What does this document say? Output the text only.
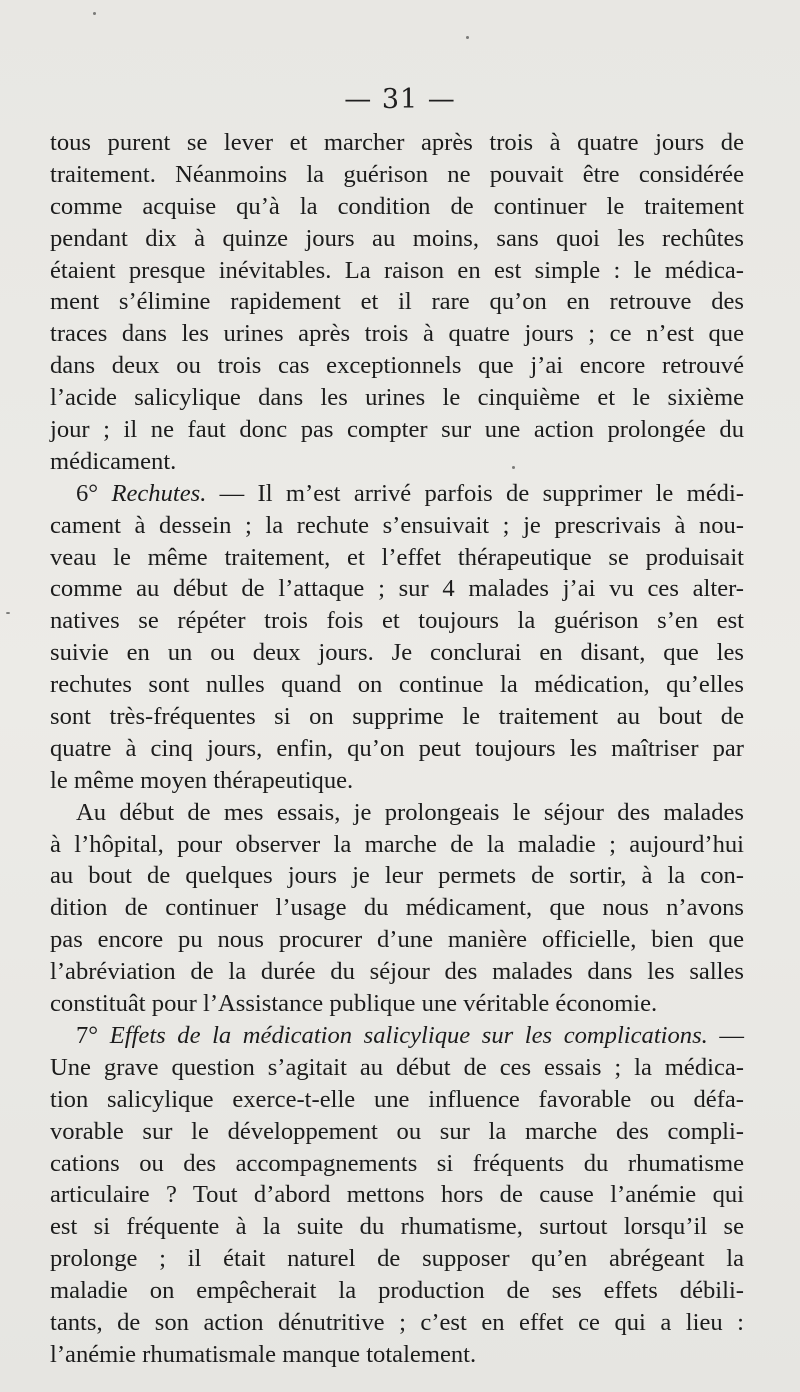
— 31 —
tous purent se lever et marcher après trois à quatre jours de
traitement. Néanmoins la guérison ne pouvait être considérée
comme acquise qu’à la condition de continuer le traitement
pendant dix à quinze jours au moins, sans quoi les rechûtes
étaient presque inévitables. La raison en est simple : le médica-
ment s’élimine rapidement et il rare qu’on en retrouve des
traces dans les urines après trois à quatre jours ; ce n’est que
dans deux ou trois cas exceptionnels que j’ai encore retrouvé
l’acide salicylique dans les urines le cinquième et le sixième
jour ; il ne faut donc pas compter sur une action prolongée du
médicament.
6° Rechutes. — Il m’est arrivé parfois de supprimer le médi-
cament à dessein ; la rechute s’ensuivait ; je prescrivais à nou-
veau le même traitement, et l’effet thérapeutique se produisait
comme au début de l’attaque ; sur 4 malades j’ai vu ces alter-
natives se répéter trois fois et toujours la guérison s’en est
suivie en un ou deux jours. Je conclurai en disant, que les
rechutes sont nulles quand on continue la médication, qu’elles
sont très-fréquentes si on supprime le traitement au bout de
quatre à cinq jours, enfin, qu’on peut toujours les maîtriser par
le même moyen thérapeutique.
Au début de mes essais, je prolongeais le séjour des malades
à l’hôpital, pour observer la marche de la maladie ; aujourd’hui
au bout de quelques jours je leur permets de sortir, à la con-
dition de continuer l’usage du médicament, que nous n’avons
pas encore pu nous procurer d’une manière officielle, bien que
l’abréviation de la durée du séjour des malades dans les salles
constituât pour l’Assistance publique une véritable économie.
7° Effets de la médication salicylique sur les complications. —
Une grave question s’agitait au début de ces essais ; la médica-
tion salicylique exerce-t-elle une influence favorable ou défa-
vorable sur le développement ou sur la marche des compli-
cations ou des accompagnements si fréquents du rhumatisme
articulaire ? Tout d’abord mettons hors de cause l’anémie qui
est si fréquente à la suite du rhumatisme, surtout lorsqu’il se
prolonge ; il était naturel de supposer qu’en abrégeant la
maladie on empêcherait la production de ses effets débili-
tants, de son action dénutritive ; c’est en effet ce qui a lieu :
l’anémie rhumatismale manque totalement.
